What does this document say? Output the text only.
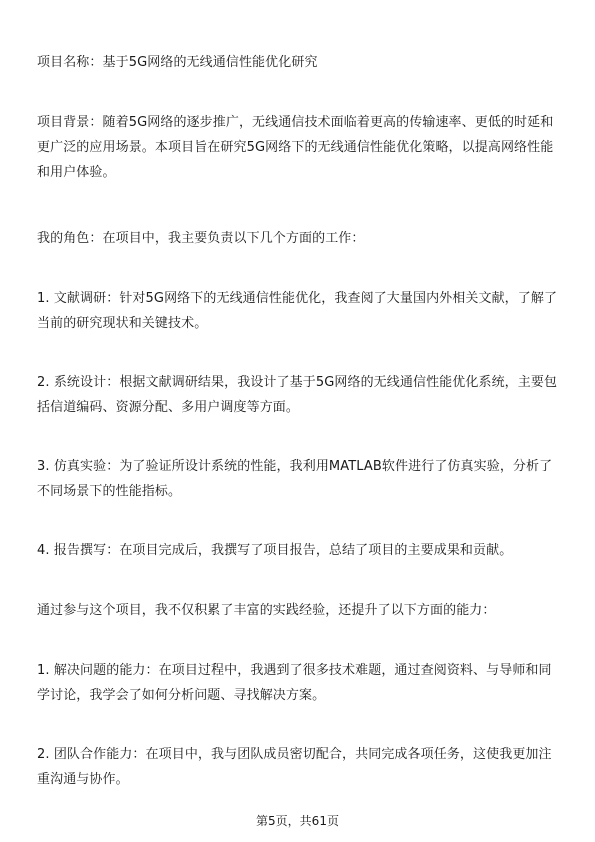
项目名称：基于5G网络的无线通信性能优化研究

项目背景：随着5G网络的逐步推广，无线通信技术面临着更高的传输速率、更低的时延和更广泛的应用场景。本项目旨在研究5G网络下的无线通信性能优化策略，以提高网络性能和用户体验。

我的角色：在项目中，我主要负责以下几个方面的工作：

1. 文献调研：针对5G网络下的无线通信性能优化，我查阅了大量国内外相关文献，了解了当前的研究现状和关键技术。

2. 系统设计：根据文献调研结果，我设计了基于5G网络的无线通信性能优化系统，主要包括信道编码、资源分配、多用户调度等方面。

3. 仿真实验：为了验证所设计系统的性能，我利用MATLAB软件进行了仿真实验，分析了不同场景下的性能指标。

4. 报告撰写：在项目完成后，我撰写了项目报告，总结了项目的主要成果和贡献。

通过参与这个项目，我不仅积累了丰富的实践经验，还提升了以下方面的能力：

1. 解决问题的能力：在项目过程中，我遇到了很多技术难题，通过查阅资料、与导师和同学讨论，我学会了如何分析问题、寻找解决方案。

2. 团队合作能力：在项目中，我与团队成员密切配合，共同完成各项任务，这使我更加注重沟通与协作。

第5页，共61页
